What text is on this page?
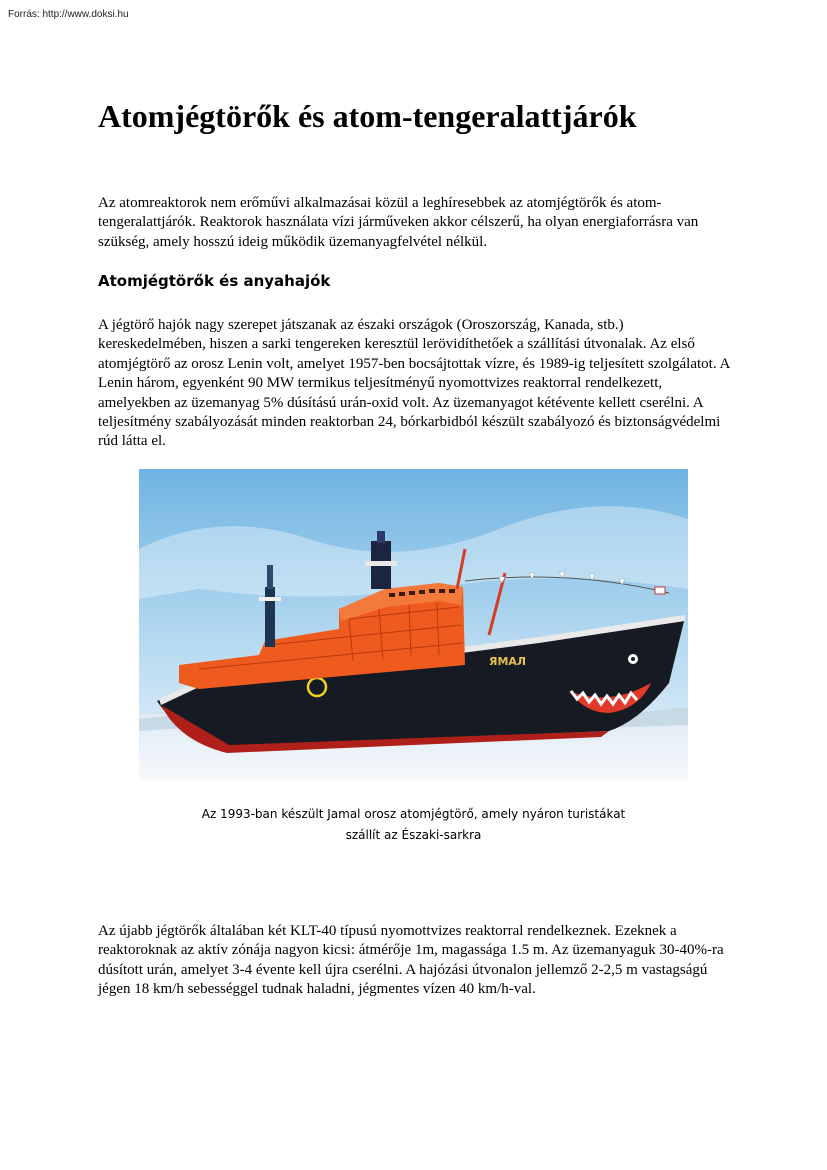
Forrás: http://www.doksi.hu
Atomjégtörők és atom-tengeralattjárók

Az atomreaktorok nem erőművi alkalmazásai közül a leghíresebbek az atomjégtörők és atom-tengeralattjárók. Reaktorok használata vízi járműveken akkor célszerű, ha olyan energiaforrásra van szükség, amely hosszú ideig működik üzemanyagfelvétel nélkül.

Atomjégtörők és anyahajók

A jégtörő hajók nagy szerepet játszanak az északi országok (Oroszország, Kanada, stb.) kereskedelmében, hiszen a sarki tengereken keresztül lerövidíthetőek a szállítási útvonalak. Az első atomjégtörő az orosz Lenin volt, amelyet 1957-ben bocsájtottak vízre, és 1989-ig teljesített szolgálatot. A Lenin három, egyenként 90 MW termikus teljesítményű nyomottvizes reaktorral rendelkezett, amelyekben az üzemanyag 5% dúsítású urán-oxid volt. Az üzemanyagot kétévente kellett cserélni. A teljesítmény szabályozását minden reaktorban 24, bórkarbidból készült szabályozó és biztonságvédelmi rúd látta el.

ЯМАЛ

Az 1993-ban készült Jamal orosz atomjégtörő, amely nyáron turistákat
szállít az Északi-sarkra

Az újabb jégtörők általában két KLT-40 típusú nyomottvizes reaktorral rendelkeznek. Ezeknek a reaktoroknak az aktív zónája nagyon kicsi: átmérője 1m, magassága 1.5 m. Az üzemanyaguk 30-40%-ra dúsított urán, amelyet 3-4 évente kell újra cserélni. A hajózási útvonalon jellemző 2-2,5 m vastagságú jégen 18 km/h sebességgel tudnak haladni, jégmentes vízen 40 km/h-val.
